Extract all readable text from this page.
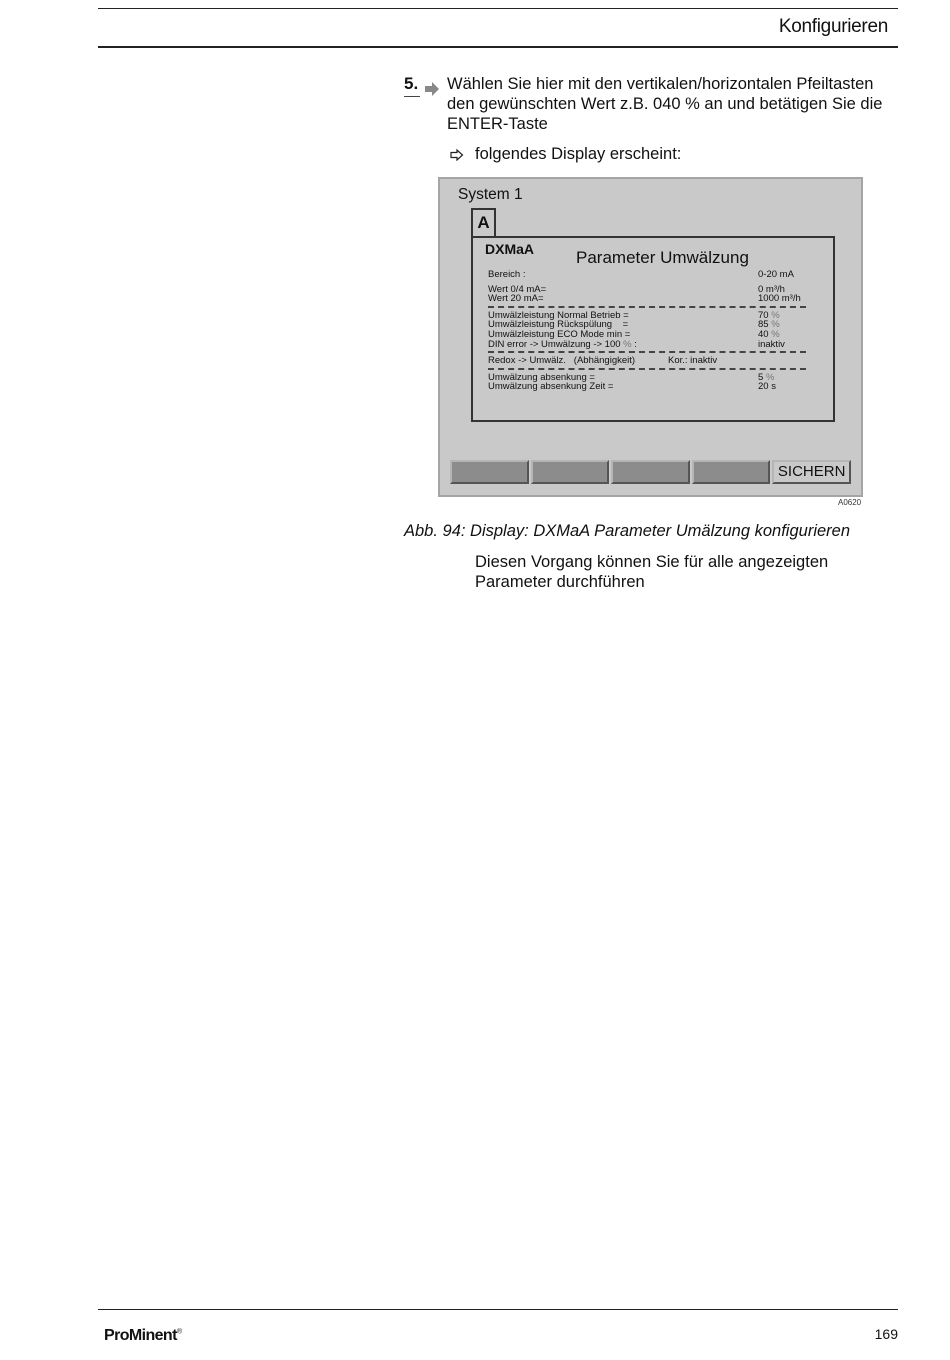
Konfigurieren
5. Wählen Sie hier mit den vertikalen/horizontalen Pfeiltasten den gewünschten Wert z.B. 040 % an und betätigen Sie die ENTER-Taste
folgendes Display erscheint:
System 1
A
DXMaA Parameter Umwälzung
Bereich :	0-20 mA
Wert 0/4 mA=	0 m³/h
Wert 20 mA=	1000 m³/h
Umwälzleistung Normal Betrieb =	70 %
Umwälzleistung Rückspülung    =	85 %
Umwälzleistung ECO Mode min =	40 %
DIN error -> Umwälzung -> 100 % :	inaktiv
Redox -> Umwälz.   (Abhängigkeit)	Kor.: inaktiv
Umwälzung absenkung =	5 %
Umwälzung absenkung Zeit =	20 s
SICHERN
A0620
Abb. 94: Display: DXMaA Parameter Umälzung konfigurieren
Diesen Vorgang können Sie für alle angezeigten Parameter durchführen
ProMinent®	169
